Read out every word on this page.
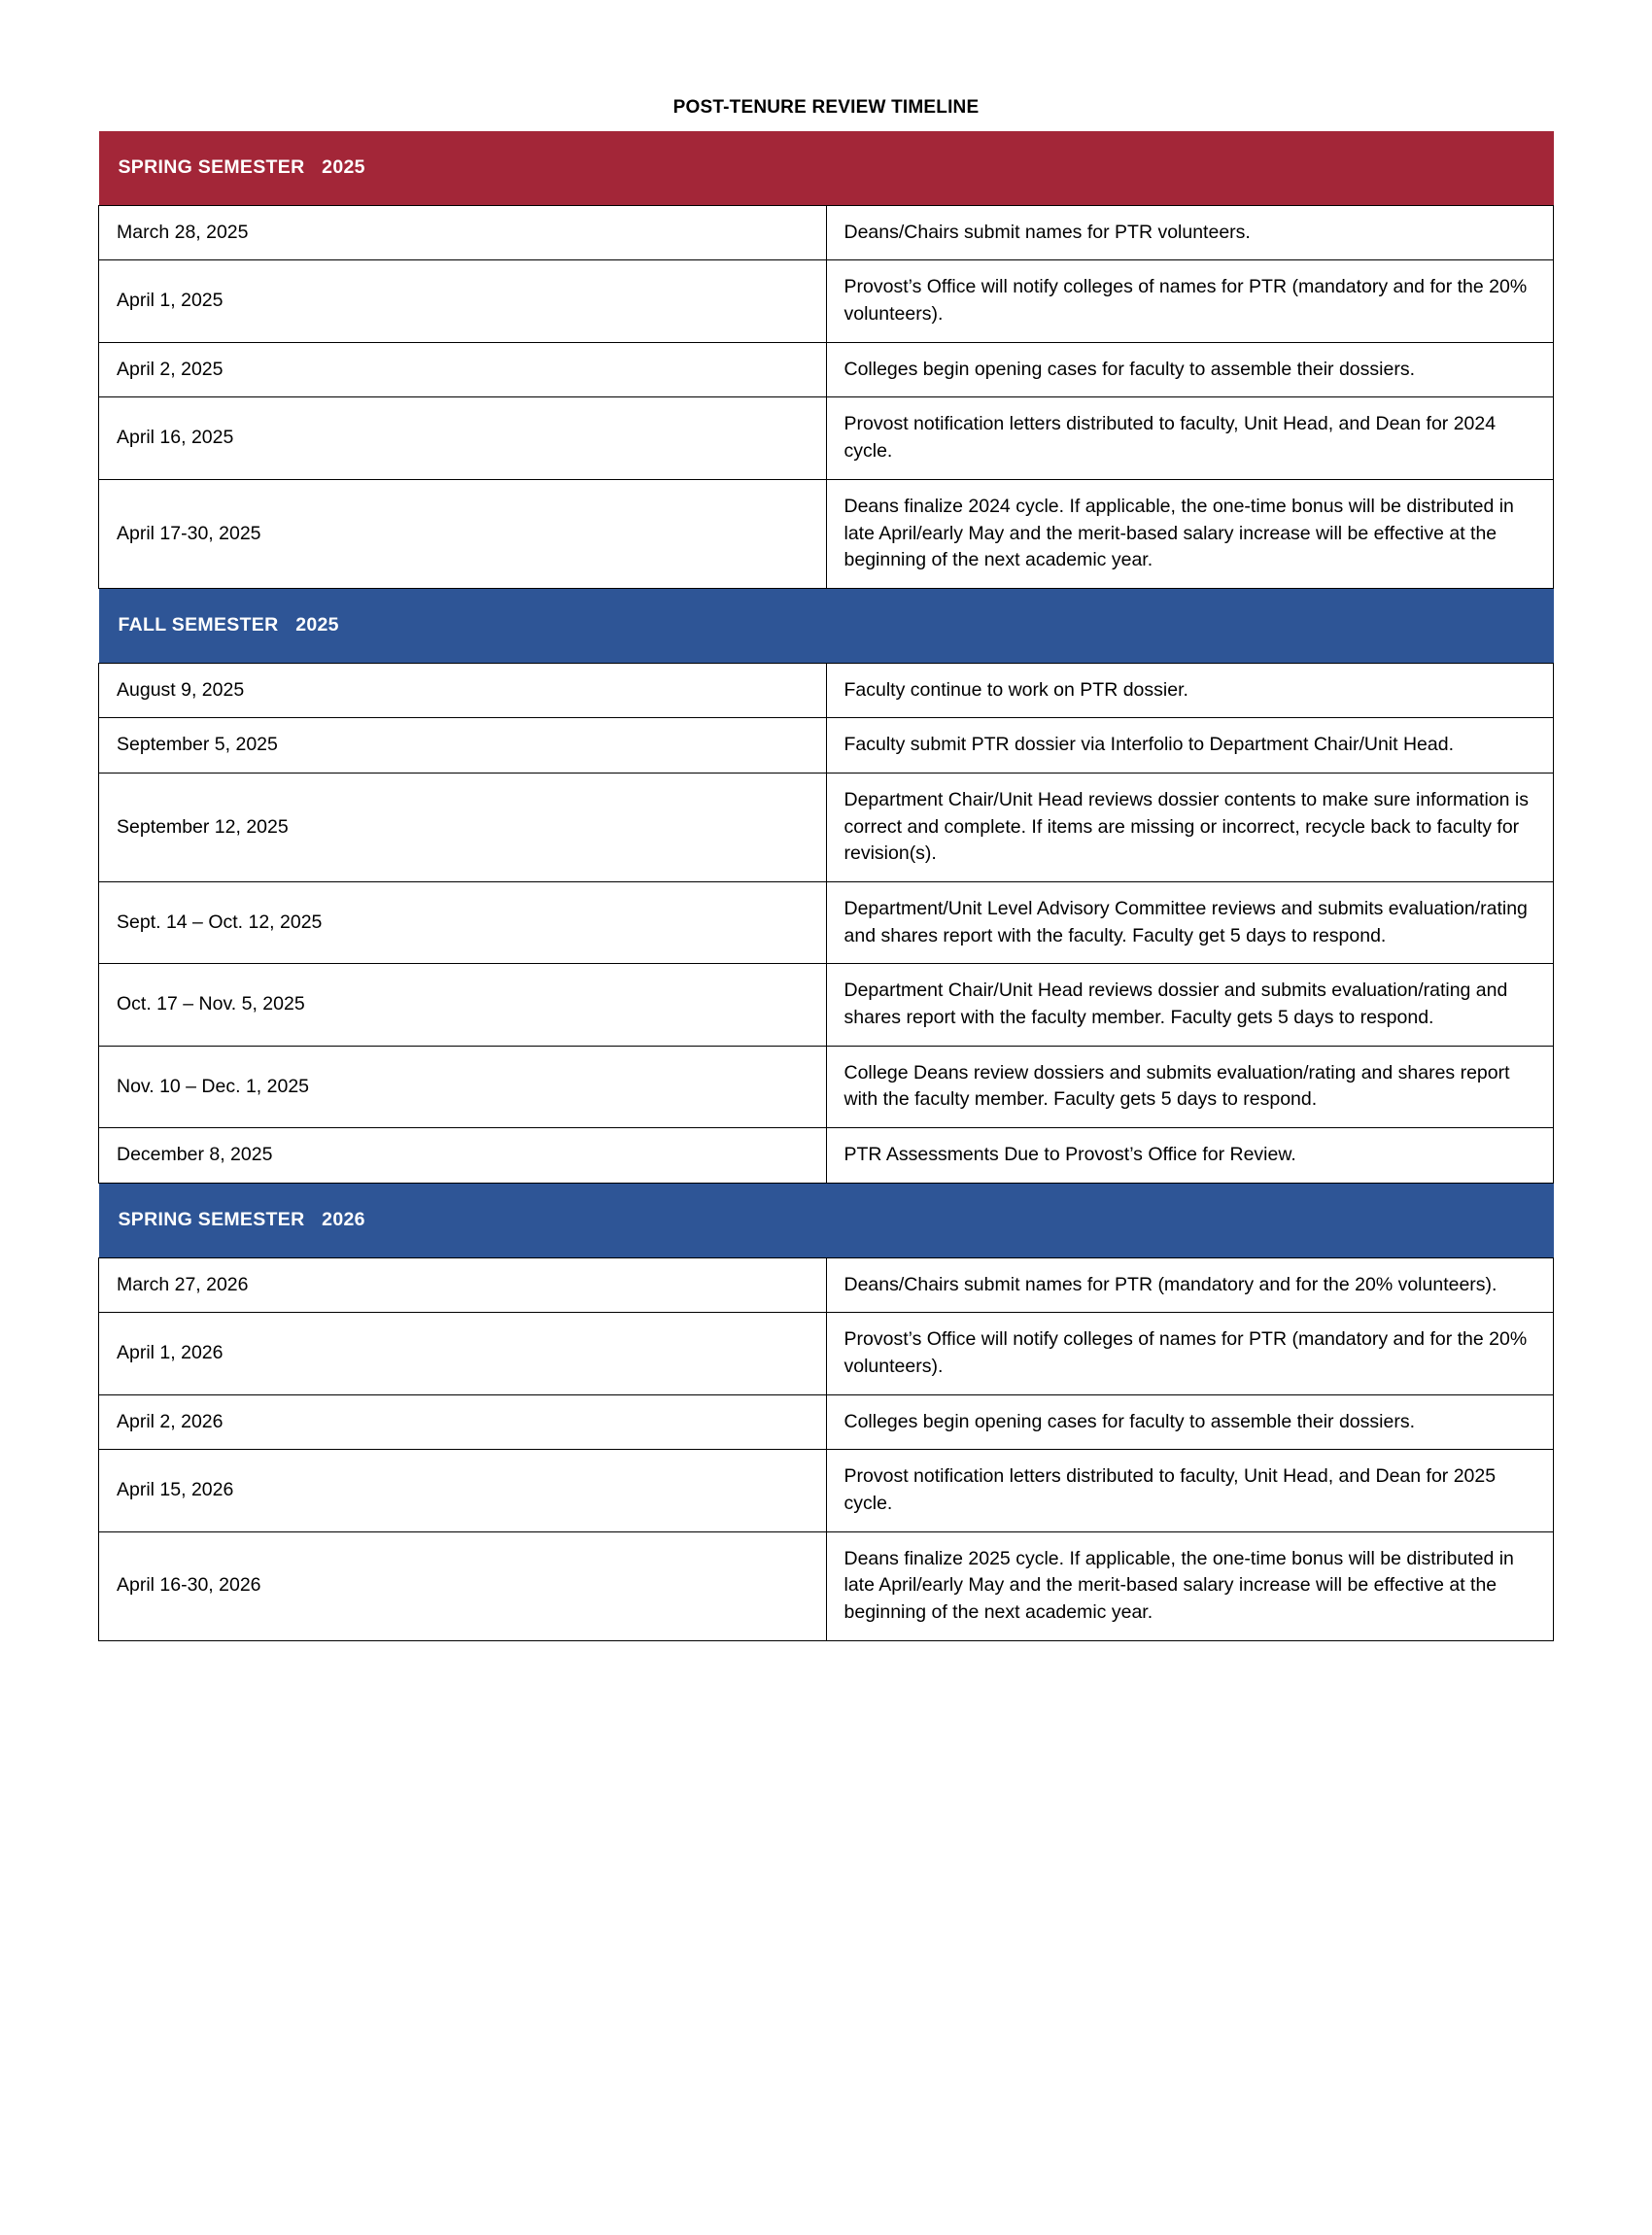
POST-TENURE REVIEW TIMELINE
SPRING SEMESTER 2025	
March 28, 2025	Deans/Chairs submit names for PTR volunteers.
April 1, 2025	Provost’s Office will notify colleges of names for PTR (mandatory and for the 20% volunteers).
April 2, 2025	Colleges begin opening cases for faculty to assemble their dossiers.
April 16, 2025	Provost notification letters distributed to faculty, Unit Head, and Dean for 2024 cycle.
April 17-30, 2025	Deans finalize 2024 cycle. If applicable, the one-time bonus will be distributed in late April/early May and the merit-based salary increase will be effective at the beginning of the next academic year.
FALL SEMESTER 2025	
August 9, 2025	Faculty continue to work on PTR dossier.
September 5, 2025	Faculty submit PTR dossier via Interfolio to Department Chair/Unit Head.
September 12, 2025	Department Chair/Unit Head reviews dossier contents to make sure information is correct and complete. If items are missing or incorrect, recycle back to faculty for revision(s).
Sept. 14 – Oct. 12, 2025	Department/Unit Level Advisory Committee reviews and submits evaluation/rating and shares report with the faculty. Faculty get 5 days to respond.
Oct. 17 – Nov. 5, 2025	Department Chair/Unit Head reviews dossier and submits evaluation/rating and shares report with the faculty member. Faculty gets 5 days to respond.
Nov. 10 – Dec. 1, 2025	College Deans review dossiers and submits evaluation/rating and shares report with the faculty member. Faculty gets 5 days to respond.
December 8, 2025	PTR Assessments Due to Provost’s Office for Review.
SPRING SEMESTER 2026	
March 27, 2026	Deans/Chairs submit names for PTR (mandatory and for the 20% volunteers).
April 1, 2026	Provost’s Office will notify colleges of names for PTR (mandatory and for the 20% volunteers).
April 2, 2026	Colleges begin opening cases for faculty to assemble their dossiers.
April 15, 2026	Provost notification letters distributed to faculty, Unit Head, and Dean for 2025 cycle.
April 16-30, 2026	Deans finalize 2025 cycle. If applicable, the one-time bonus will be distributed in late April/early May and the merit-based salary increase will be effective at the beginning of the next academic year.
